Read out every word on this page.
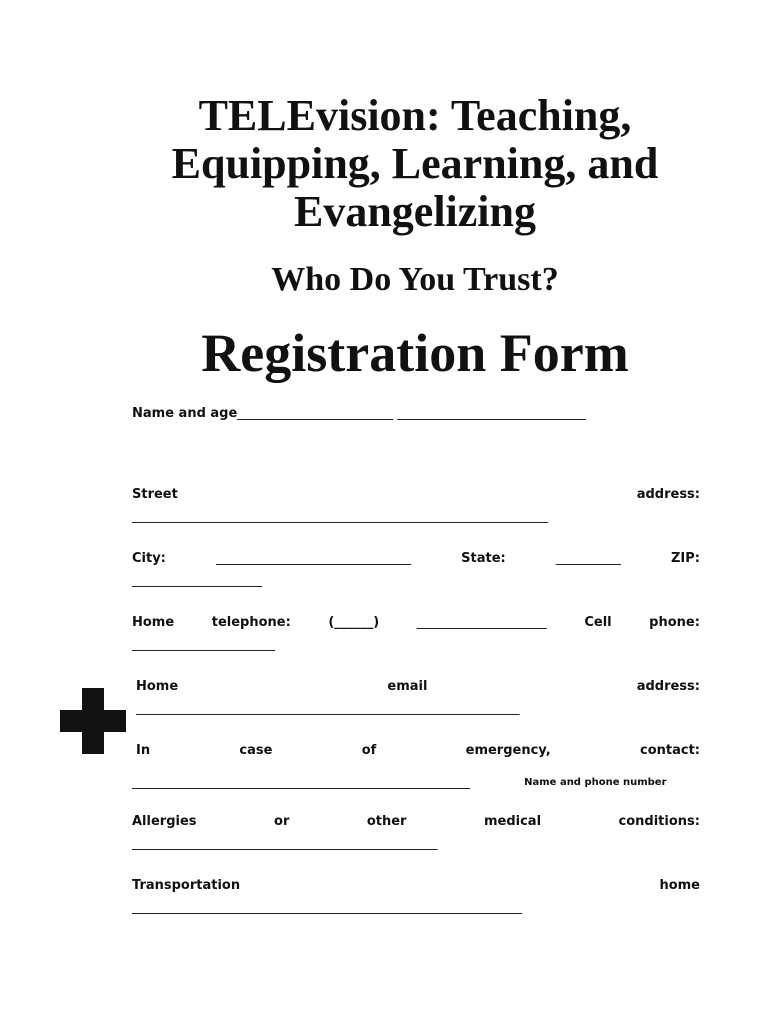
TELEvision: Teaching, Equipping, Learning, and Evangelizing
Who Do You Trust?
Registration Form
Name and age________________________ _____________________________
Street	address:
________________________________________________________________
City:	______________________________	State:	__________	ZIP:
____________________
Home	telephone:	(______)	____________________	Cell	phone:
______________________
Home	email	address:
___________________________________________________________
In	case	of	emergency,	contact:
____________________________________________________	Name and phone number
Allergies	or	other	medical	conditions:
_______________________________________________
Transportation	home
____________________________________________________________
